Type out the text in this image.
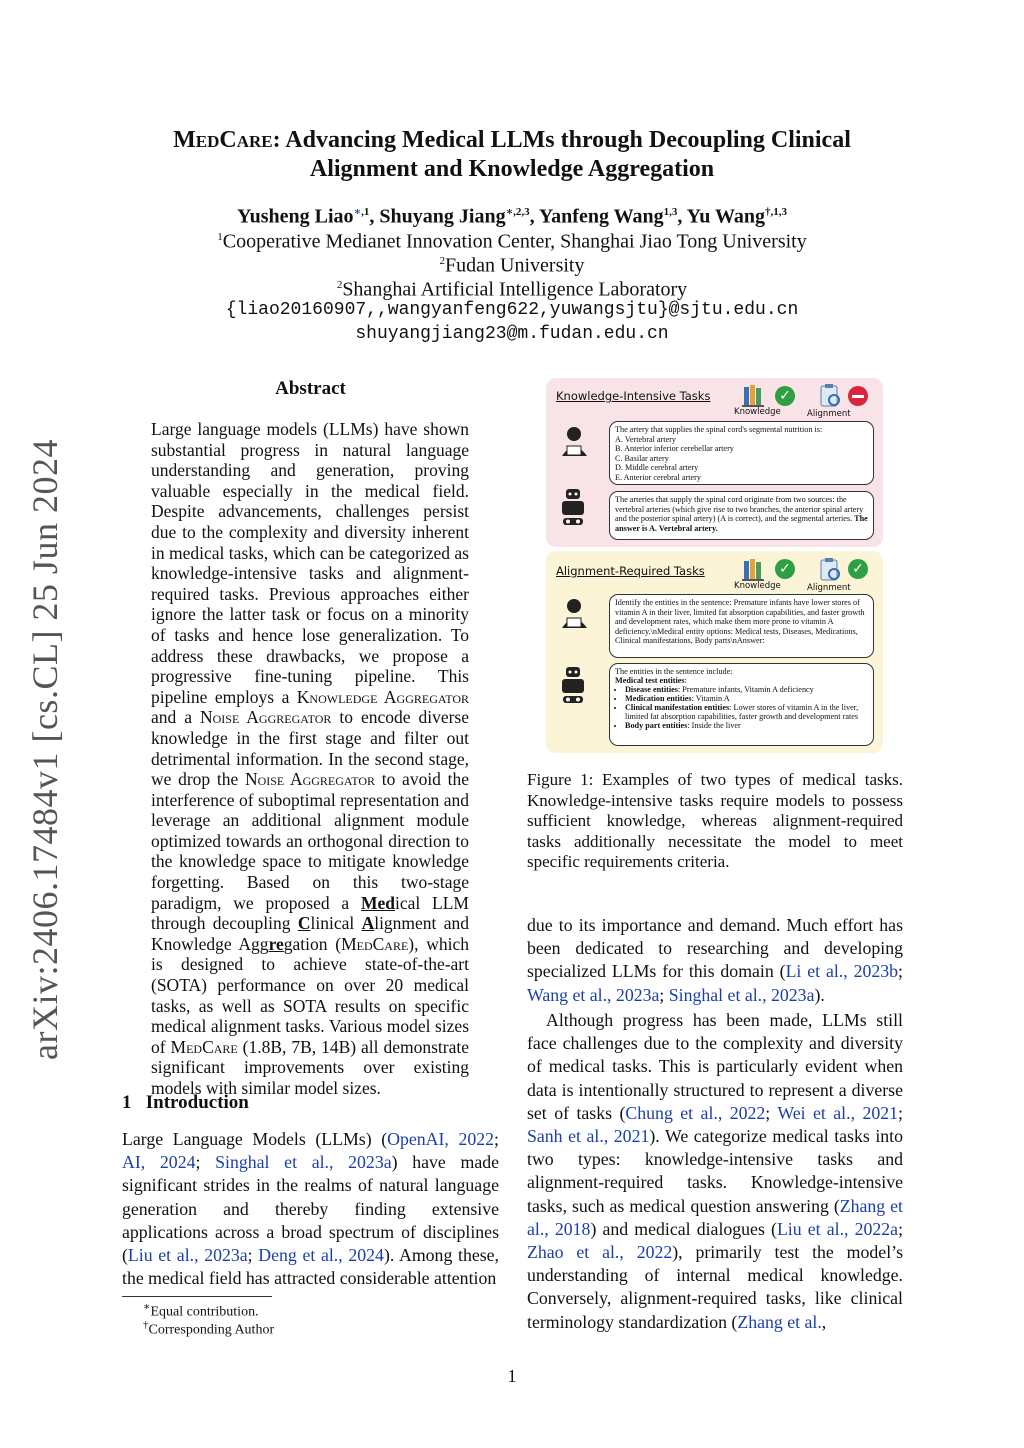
arXiv:2406.17484v1 [cs.CL] 25 Jun 2024
MedCare: Advancing Medical LLMs through Decoupling Clinical
Alignment and Knowledge Aggregation
Yusheng Liao$^{∗,1}$, Shuyang Jiang$^{∗,2,3}$, Yanfeng Wang$^{1,3}$, Yu Wang$^{\dagger,1,3}$
$^1$Cooperative Medianet Innovation Center, Shanghai Jiao Tong University
$^2$Fudan University
$^2$Shanghai Artificial Intelligence Laboratory
{liao20160907,,wangyanfeng622,yuwangsjtu}@sjtu.edu.cn
shuyangjiang23@m.fudan.edu.cn
Abstract
Large language models (LLMs) have shown substantial progress in natural language understanding and generation, proving valuable especially in the medical field. Despite advancements, challenges persist due to the complexity and diversity inherent in medical tasks, which can be categorized as knowledge-intensive tasks and alignment-required tasks. Previous approaches either ignore the latter task or focus on a minority of tasks and hence lose generalization. To address these drawbacks, we propose a progressive fine-tuning pipeline. This pipeline employs a Knowledge Aggregator and a Noise Aggregator to encode diverse knowledge in the first stage and filter out detrimental information. In the second stage, we drop the Noise Aggregator to avoid the interference of suboptimal representation and leverage an additional alignment module optimized towards an orthogonal direction to the knowledge space to mitigate knowledge forgetting. Based on this two-stage paradigm, we proposed a Medical LLM through decoupling Clinical Alignment and Knowledge Aggregation (MedCare), which is designed to achieve state-of-the-art (SOTA) performance on over 20 medical tasks, as well as SOTA results on specific medical alignment tasks. Various model sizes of MedCare (1.8B, 7B, 14B) all demonstrate significant improvements over existing models with similar model sizes.
1 Introduction
Large Language Models (LLMs) (OpenAI, 2022; AI, 2024; Singhal et al., 2023a) have made significant strides in the realms of natural language generation and thereby finding extensive applications across a broad spectrum of disciplines (Liu et al., 2023a; Deng et al., 2024). Among these, the medical field has attracted considerable attention
∗Equal contribution.
†Corresponding Author
Knowledge-Intensive Tasks
Alignment-Required Tasks
✓
Knowledge	Alignment
✓	✓
Knowledge	Alignment
The artery that supplies the spinal cord's segmental nutrition is:
A. Vertebral artery
B. Anterior inferior cerebellar artery
C. Basilar artery
D. Middle cerebral artery
E. Anterior cerebral artery
The arteries that supply the spinal cord originate from two sources: the vertebral arteries (which give rise to two branches, the anterior spinal artery and the posterior spinal artery) (A is correct), and the segmental arteries. The answer is A. Vertebral artery.
Identify the entities in the sentence: Premature infants have lower stores of vitamin A in their liver, limited fat absorption capabilities, and faster growth and development rates, which make them more prone to vitamin A deficiency.\nMedical entity options: Medical tests, Diseases, Medications, Clinical manifestations, Body parts\nAnswer:
The entities in the sentence include:
Medical test entities:
• Disease entities: Premature infants, Vitamin A deficiency
• Medication entities: Vitamin A
• Clinical manifestation entities: Lower stores of vitamin A in the liver, limited fat absorption capabilities, faster growth and development rates
• Body part entities: Inside the liver
Figure 1: Examples of two types of medical tasks. Knowledge-intensive tasks require models to possess sufficient knowledge, whereas alignment-required tasks additionally necessitate the model to meet specific requirements criteria.
due to its importance and demand. Much effort has been dedicated to researching and developing specialized LLMs for this domain (Li et al., 2023b; Wang et al., 2023a; Singhal et al., 2023a).
Although progress has been made, LLMs still face challenges due to the complexity and diversity of medical tasks. This is particularly evident when data is intentionally structured to represent a diverse set of tasks (Chung et al., 2022; Wei et al., 2021; Sanh et al., 2021). We categorize medical tasks into two types: knowledge-intensive tasks and alignment-required tasks. Knowledge-intensive tasks, such as medical question answering (Zhang et al., 2018) and medical dialogues (Liu et al., 2022a; Zhao et al., 2022), primarily test the model’s understanding of internal medical knowledge. Conversely, alignment-required tasks, like clinical terminology standardization (Zhang et al.,
1
